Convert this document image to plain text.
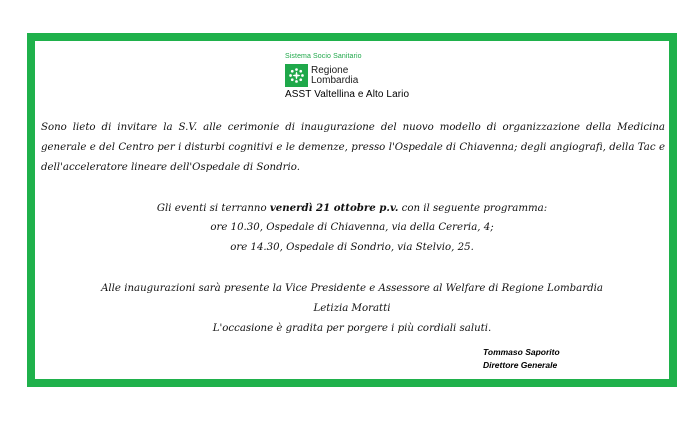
Sistema Socio Sanitario
Regione
Lombardia
ASST Valtellina e Alto Lario
Sono lieto di invitare la S.V. alle cerimonie di inaugurazione del nuovo modello di organizzazione della Medicina generale e del Centro per i disturbi cognitivi e le demenze, presso l'Ospedale di Chiavenna; degli angiografi, della Tac e dell'acceleratore lineare dell'Ospedale di Sondrio.
Gli eventi si terranno venerdì 21 ottobre p.v. con il seguente programma:
ore 10.30, Ospedale di Chiavenna, via della Cereria, 4;
ore 14.30, Ospedale di Sondrio, via Stelvio, 25.
Alle inaugurazioni sarà presente la Vice Presidente e Assessore al Welfare di Regione Lombardia
Letizia Moratti
L'occasione è gradita per porgere i più cordiali saluti.
Tommaso Saporito
Direttore Generale
